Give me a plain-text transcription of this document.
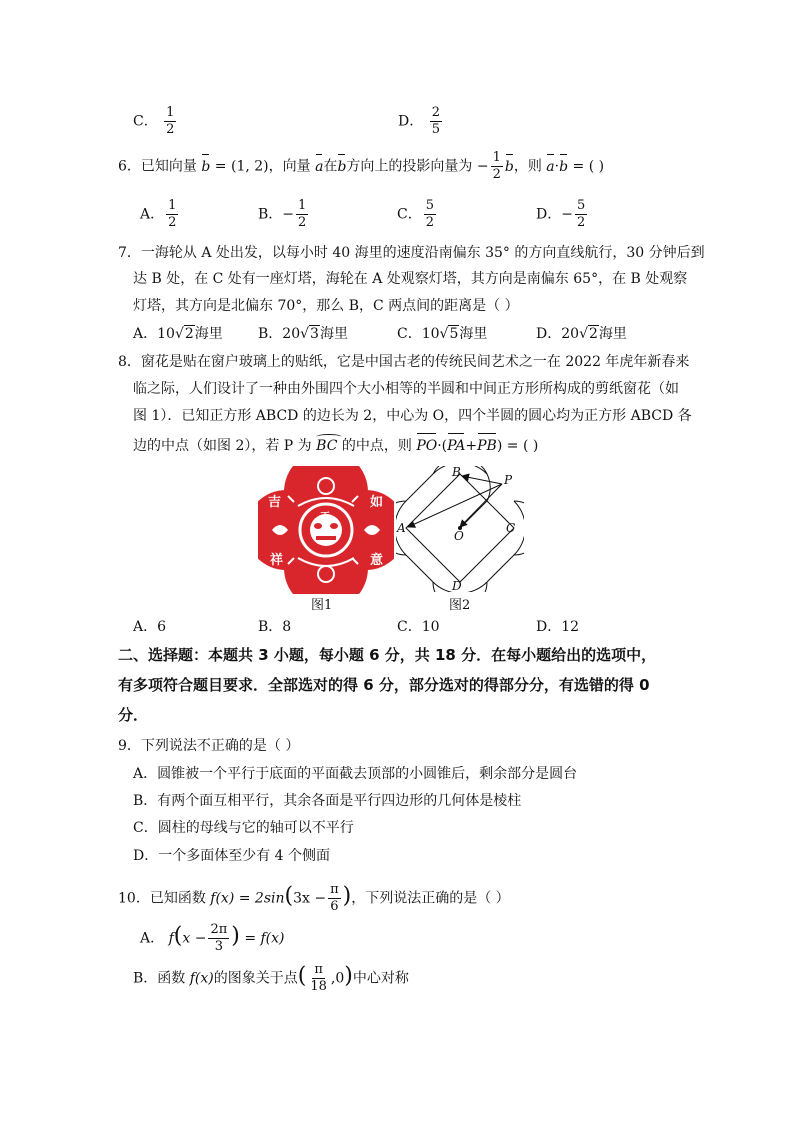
C． $\frac{1}{2}$	D． $\frac{2}{5}$
6．已知向量 b = (1, 2)，向量 a在b方向上的投影向量为 − $\frac{1}{2}$ b，则 a·b = ( )
A． $\frac{1}{2}$	B．− $\frac{1}{2}$	C． $\frac{5}{2}$	D．− $\frac{5}{2}$
7．一海轮从 A 处出发，以每小时 40 海里的速度沿南偏东 35° 的方向直线航行，30 分钟后到
达 B 处，在 C 处有一座灯塔，海轮在 A 处观察灯塔，其方向是南偏东 65°，在 B 处观察
灯塔，其方向是北偏东 70°，那么 B，C 两点间的距离是（ ）
A．10√2海里	B．20√3海里	C．10√5海里	D．20√2海里
8．窗花是贴在窗户玻璃上的贴纸，它是中国古老的传统民间艺术之一在 2022 年虎年新春来
临之际，人们设计了一种由外围四个大小相等的半圆和中间正方形所构成的剪纸窗花（如
图 1）．已知正方形 ABCD 的边长为 2，中心为 O，四个半圆的圆心均为正方形 ABCD 各
边的中点（如图 2），若 P 为 BC 的中点，则 PO·(PA+PB) = ( )
吉
祥
如
意
王
图1
B
P
A	C
O
D
图2
A．6	B．8	C．10	D．12
二、选择题：本题共 3 小题，每小题 6 分，共 18 分．在每小题给出的选项中，
有多项符合题目要求．全部选对的得 6 分，部分选对的得部分分，有选错的得 0
分．
9．下列说法不正确的是（ ）
A．圆锥被一个平行于底面的平面截去顶部的小圆锥后，剩余部分是圆台
B．有两个面互相平行，其余各面是平行四边形的几何体是棱柱
C．圆柱的母线与它的轴可以不平行
D．一个多面体至少有 4 个侧面
10．已知函数 $f(x) = 2\sin(3x - \frac{\pi}{6}$ )，下列说法正确的是（ ）
A． $f(x - \frac{2\pi}{3}$ ) = f(x)
B．函数 f(x)的图象关于点( $\frac{\pi}{18} ,0$)中心对称
